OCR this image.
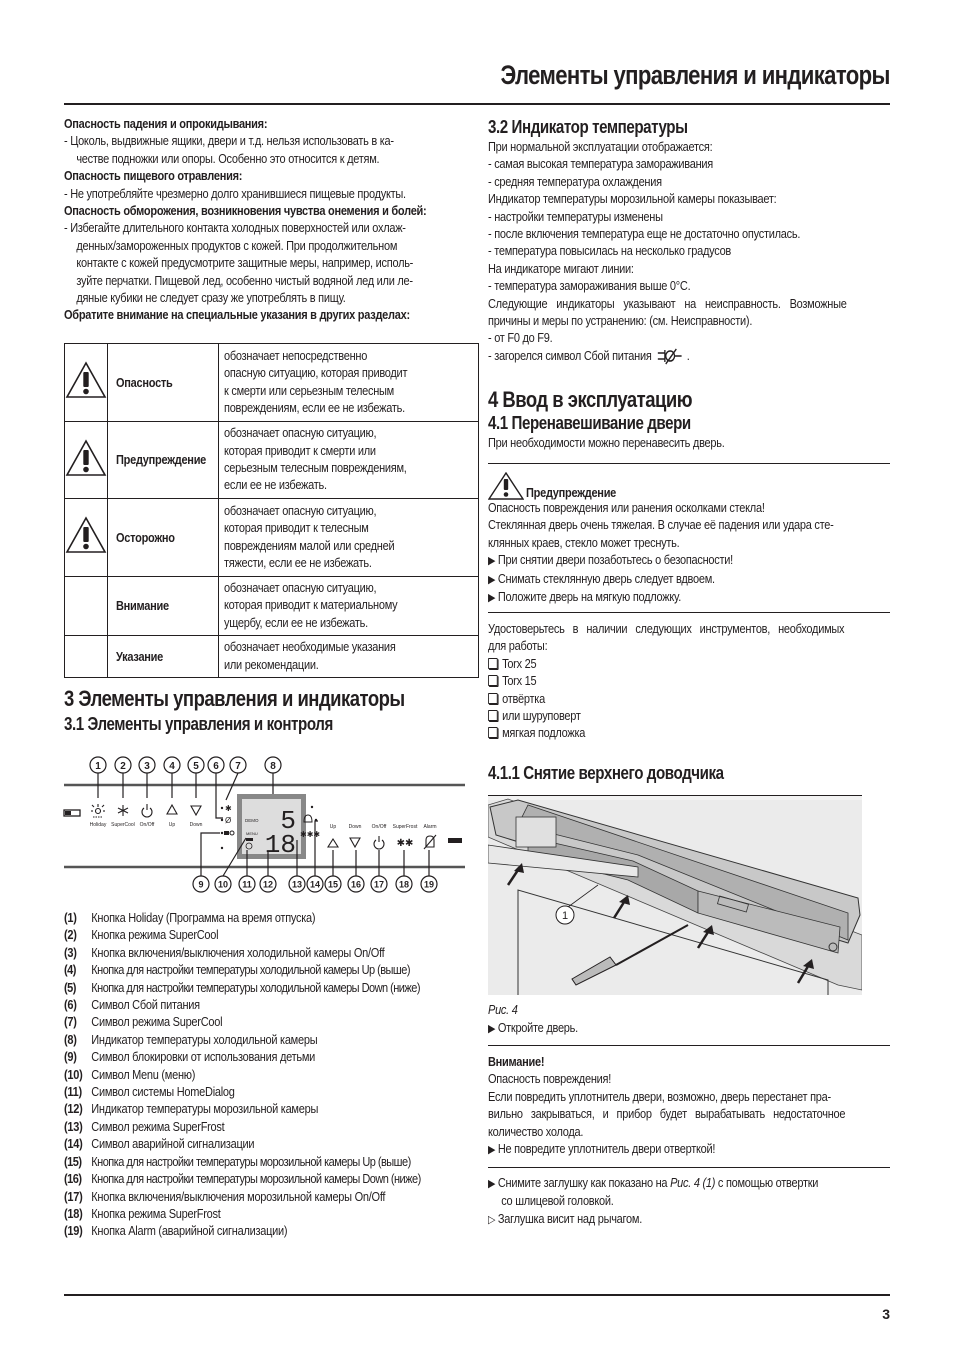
Элементы управления и индикаторы
Опасность падения и опрокидывания:
- Цоколь, выдвижные ящики, двери и т.д. нельзя использовать в ка-
честве подножки или опоры. Особенно это относится к детям.
Опасность пищевого отравления:
- Не употребляйте чрезмерно долго хранившиеся пищевые продукты.
Опасность обморожения, возникновения чувства онемения и болей:
- Избегайте длительного контакта холодных поверхностей или охлаж-
денных/замороженных продуктов с кожей. При продолжительном
контакте с кожей предусмотрите защитные меры, например, исполь-
зуйте перчатки. Пищевой лед, особенно чистый водяной лед или ле-
дяные кубики не следует сразу же употреблять в пищу.
Обратите внимание на специальные указания в других разделах:

Опасность	обозначает непосредственно
опасную ситуацию, которая приводит
к смерти или серьезным телесным
повреждениям, если ее не избежать.

Предупреждение	обозначает опасную ситуацию,
которая приводит к смерти или
серьезным телесным повреждениям,
если ее не избежать.

Осторожно	обозначает опасную ситуацию,
которая приводит к телесным
повреждениям малой или средней
тяжести, если ее не избежать.

	Внимание	обозначает опасную ситуацию,
которая приводит к материальному
ущербу, если ее не избежать.

	Указание	обозначает необходимые указания
или рекомендации.
3 Элементы управления и индикаторы
3.1 Элементы управления и контроля
1 2 3 4 5 6 7	8
Holiday SuperCool On/Off	Up	Down
✱
Ø	DEMO
MENU 5
18 ✱✱✱
✱✱
Up Down On/Off SuperFrost Alarm
9 10 11 12 13 14 15 16 17 18 19
(1)	Кнопка Holiday (Программа на время отпуска)
(2)	Кнопка режима SuperCool
(3)	Кнопка включения/выключения холодильной камеры On/Off
(4)	Кнопка для настройки температуры холодильной камеры Up (выше)
(5)	Кнопка для настройки температуры холодильной камеры Down (ниже)
(6)	Символ Сбой питания
(7)	Символ режима SuperCool
(8)	Индикатор температуры холодильной камеры
(9)	Символ блокировки от использования детьми
(10) Символ Menu (меню)
(11) Символ системы HomeDialog
(12) Индикатор температуры морозильной камеры
(13) Символ режима SuperFrost
(14) Символ аварийной сигнализации
(15) Кнопка для настройки температуры морозильной камеры Up (выше)
(16) Кнопка для настройки температуры морозильной камеры Down (ниже)
(17) Кнопка включения/выключения морозильной камеры On/Off
(18) Кнопка режима SuperFrost
(19) Кнопка Alarm (аварийной сигнализации)
3.2 Индикатор температуры
При нормальной эксплуатации отображается:
- самая высокая температура замораживания
- средняя температура охлаждения
Индикатор температуры морозильной камеры показывает:
- настройки температуры изменены
- после включения температура еще не достаточно опустилась.
- температура повысилась на несколько градусов
На индикаторе мигают линии:
- температура замораживания выше 0°C.
Следующие индикаторы указывают на неисправность. Возможные
причины и меры по устранению: (см. Неисправности).
- от F0 до F9.
- загорелся символ Сбой питания	.
4 Ввод в эксплуатацию
4.1 Перенавешивание двери
При необходимости можно перенавесить дверь.
Предупреждение
Опасность повреждения или ранения осколками стекла!
Стеклянная дверь очень тяжелая. В случае её падения или удара сте-
клянных краев, стекло может треснуть.
▶ При снятии двери позаботьтесь о безопасности!
▶ Снимать стеклянную дверь следует вдвоем.
▶ Положите дверь на мягкую подложку.
Удостоверьтесь в наличии следующих инструментов, необходимых
для работы:
Torx 25
Torx 15
отвёртка
или шуруповерт
мягкая подложка
4.1.1 Снятие верхнего доводчика
1
Рис. 4
▶ Откройте дверь.
Внимание!
Опасность повреждения!
Если повредить уплотнитель двери, возможно, дверь перестанет пра-
вильно закрываться, и прибор будет вырабатывать недостаточное
количество холода.
▶ Не повредите уплотнитель двери отверткой!
▶ Снимите заглушку как показано на Рис. 4 (1) с помощью отвертки
со шлицевой головкой.
▷ Заглушка висит над рычагом.
3
